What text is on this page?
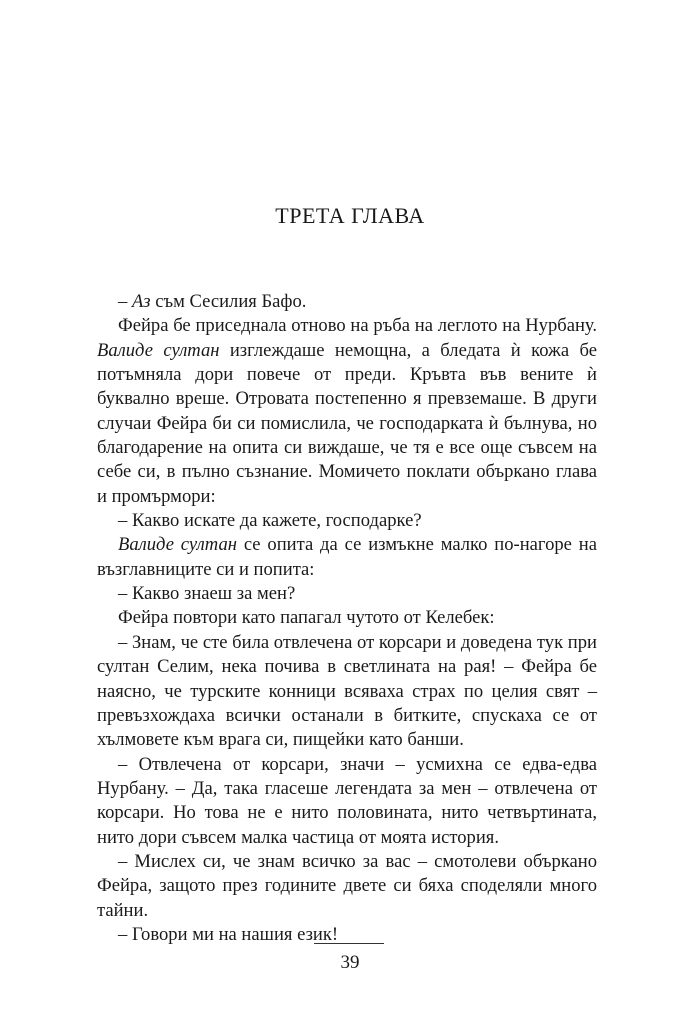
ТРЕТА ГЛАВА

– Аз съм Сесилия Бафо.

Фейра бе приседнала отново на ръба на леглото на Нурбану. Валиде султан изглеждаше немощна, а бледата ѝ кожа бе потъмняла дори повече от преди. Кръвта във вените ѝ буквално вреше. Отровата постепенно я превземаше. В други случаи Фейра би си помислила, че господарката ѝ бълнува, но благодарение на опита си виждаше, че тя е все още съвсем на себе си, в пълно съзнание. Момичето поклати объркано глава и промърмори:

– Какво искате да кажете, господарке?

Валиде султан се опита да се измъкне малко по-нагоре на възглавниците си и попита:

– Какво знаеш за мен?

Фейра повтори като папагал чутото от Келебек:

– Знам, че сте била отвлечена от корсари и доведена тук при султан Селим, нека почива в светлината на рая! – Фейра бе наясно, че турските конници всяваха страх по целия свят – превъзхождаха всички останали в битките, спускаха се от хълмовете към врага си, пищейки като банши.

– Отвлечена от корсари, значи – усмихна се едва-едва Нурбану. – Да, така гласеше легендата за мен – отвлечена от корсари. Но това не е нито половината, нито четвъртината, нито дори съвсем малка частица от моята история.

– Мислех си, че знам всичко за вас – смотолеви объркано Фейра, защото през годините двете си бяха споделяли много тайни.

– Говори ми на нашия език!

39
